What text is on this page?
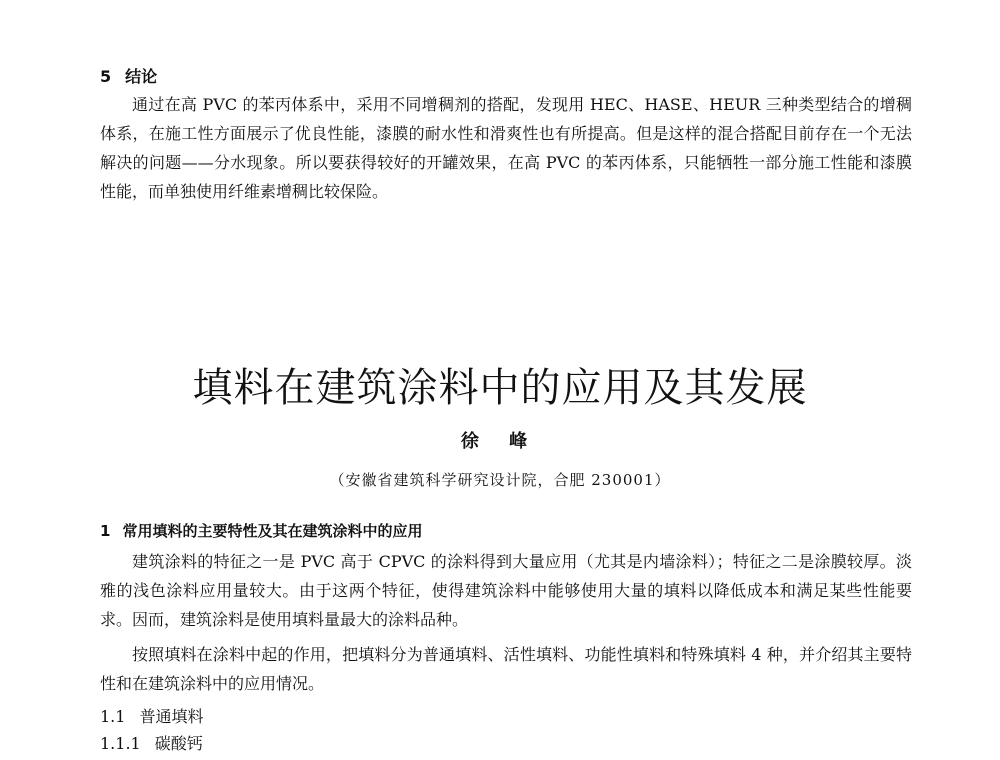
5 结论
通过在高 PVC 的苯丙体系中，采用不同增稠剂的搭配，发现用 HEC、HASE、HEUR 三种类型结合的增稠体系，在施工性方面展示了优良性能，漆膜的耐水性和滑爽性也有所提高。但是这样的混合搭配目前存在一个无法解决的问题——分水现象。所以要获得较好的开罐效果，在高 PVC 的苯丙体系，只能牺牲一部分施工性能和漆膜性能，而单独使用纤维素增稠比较保险。
填料在建筑涂料中的应用及其发展
徐 峰
（安徽省建筑科学研究设计院，合肥 230001）
1 常用填料的主要特性及其在建筑涂料中的应用
建筑涂料的特征之一是 PVC 高于 CPVC 的涂料得到大量应用（尤其是内墙涂料）；特征之二是涂膜较厚。淡雅的浅色涂料应用量较大。由于这两个特征，使得建筑涂料中能够使用大量的填料以降低成本和满足某些性能要求。因而，建筑涂料是使用填料量最大的涂料品种。
按照填料在涂料中起的作用，把填料分为普通填料、活性填料、功能性填料和特殊填料 4 种，并介绍其主要特性和在建筑涂料中的应用情况。
1.1 普通填料
1.1.1 碳酸钙
